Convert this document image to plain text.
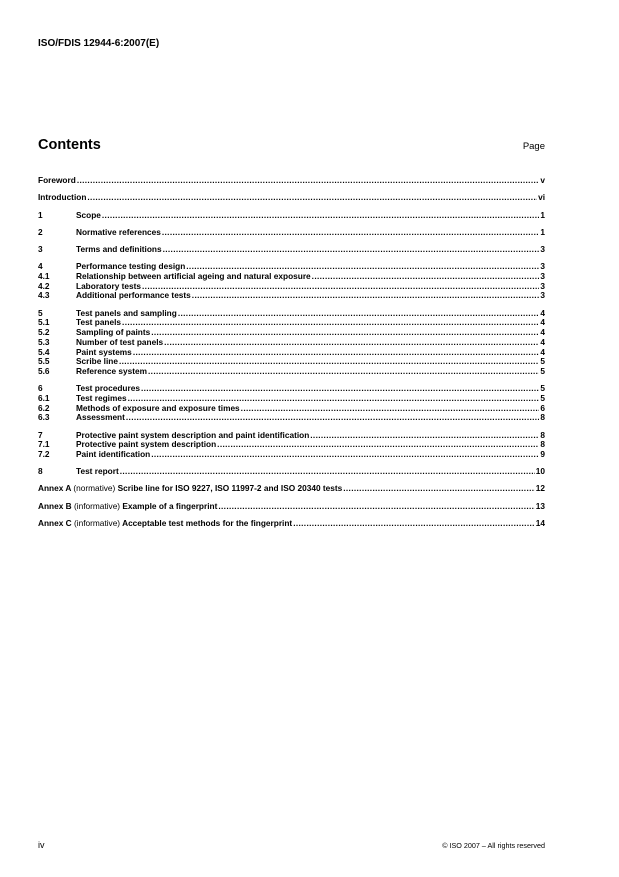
ISO/FDIS 12944-6:2007(E)
Contents	Page
Foreword .....	v
Introduction .....	vi
1	Scope .....	1
2	Normative references .....	1
3	Terms and definitions .....	3
4	Performance testing design .....	3
4.1	Relationship between artificial ageing and natural exposure .....	3
4.2	Laboratory tests .....	3
4.3	Additional performance tests .....	3
5	Test panels and sampling .....	4
5.1	Test panels .....	4
5.2	Sampling of paints .....	4
5.3	Number of test panels .....	4
5.4	Paint systems .....	4
5.5	Scribe line .....	5
5.6	Reference system .....	5
6	Test procedures .....	5
6.1	Test regimes .....	5
6.2	Methods of exposure and exposure times .....	6
6.3	Assessment .....	8
7	Protective paint system description and paint identification .....	8
7.1	Protective paint system description .....	8
7.2	Paint identification .....	9
8	Test report .....	10
Annex A (normative) Scribe line for ISO 9227, ISO 11997-2 and ISO 20340 tests .....	12
Annex B (informative) Example of a fingerprint .....	13
Annex C (informative) Acceptable test methods for the fingerprint .....	14
iv	© ISO 2007 – All rights reserved
